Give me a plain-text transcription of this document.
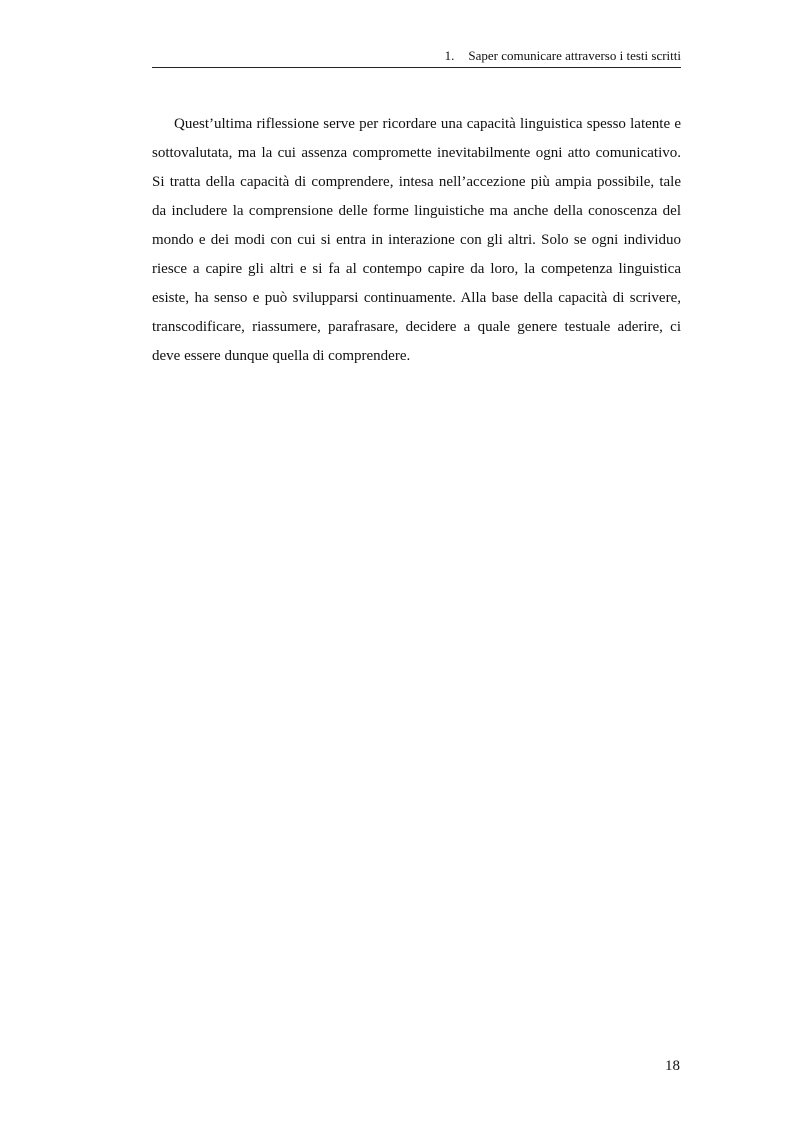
1. Saper comunicare attraverso i testi scritti

Quest’ultima riflessione serve per ricordare una capacità linguistica spesso latente e sottovalutata, ma la cui assenza compromette inevitabilmente ogni atto comunicativo. Si tratta della capacità di comprendere, intesa nell’accezione più ampia possibile, tale da includere la comprensione delle forme linguistiche ma anche della conoscenza del mondo e dei modi con cui si entra in interazione con gli altri. Solo se ogni individuo riesce a capire gli altri e si fa al contempo capire da loro, la competenza linguistica esiste, ha senso e può svilupparsi continuamente. Alla base della capacità di scrivere, transcodificare, riassumere, parafrasare, decidere a quale genere testuale aderire, ci deve essere dunque quella di comprendere.

18
